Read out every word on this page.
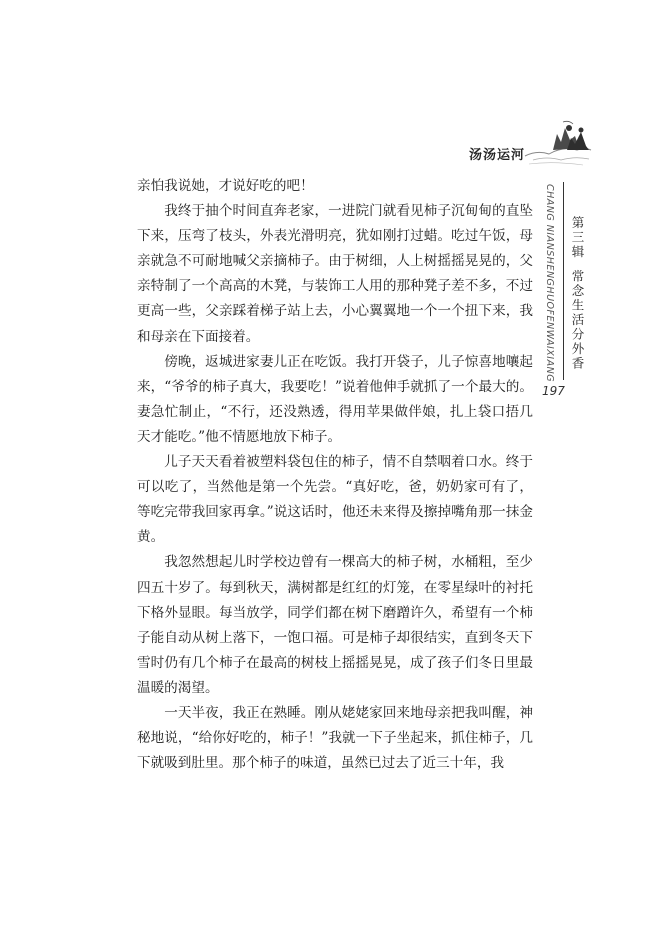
汤汤运河
CHANG NIANSHENGHUOFENWAIXIANG 第三辑常念生活分外香
197

亲怕我说她，才说好吃的吧！

我终于抽个时间直奔老家，一进院门就看见柿子沉甸甸的直坠下来，压弯了枝头，外表光滑明亮，犹如刚打过蜡。吃过午饭，母亲就急不可耐地喊父亲摘柿子。由于树细，人上树摇摇晃晃的，父亲特制了一个高高的木凳，与装饰工人用的那种凳子差不多，不过更高一些，父亲踩着梯子站上去，小心翼翼地一个一个扭下来，我和母亲在下面接着。

傍晚，返城进家妻儿正在吃饭。我打开袋子，儿子惊喜地嚷起来，“爷爷的柿子真大，我要吃！”说着他伸手就抓了一个最大的。妻急忙制止，“不行，还没熟透，得用苹果做伴娘，扎上袋口捂几天才能吃。”他不情愿地放下柿子。

儿子天天看着被塑料袋包住的柿子，情不自禁咽着口水。终于可以吃了，当然他是第一个先尝。“真好吃，爸，奶奶家可有了，等吃完带我回家再拿。”说这话时，他还未来得及擦掉嘴角那一抹金黄。

我忽然想起儿时学校边曾有一棵高大的柿子树，水桶粗，至少四五十岁了。每到秋天，满树都是红红的灯笼，在零星绿叶的衬托下格外显眼。每当放学，同学们都在树下磨蹭许久，希望有一个柿子能自动从树上落下，一饱口福。可是柿子却很结实，直到冬天下雪时仍有几个柿子在最高的树枝上摇摇晃晃，成了孩子们冬日里最温暖的渴望。

一天半夜，我正在熟睡。刚从姥姥家回来地母亲把我叫醒，神秘地说，“给你好吃的，柿子！”我就一下子坐起来，抓住柿子，几下就吸到肚里。那个柿子的味道，虽然已过去了近三十年，我
